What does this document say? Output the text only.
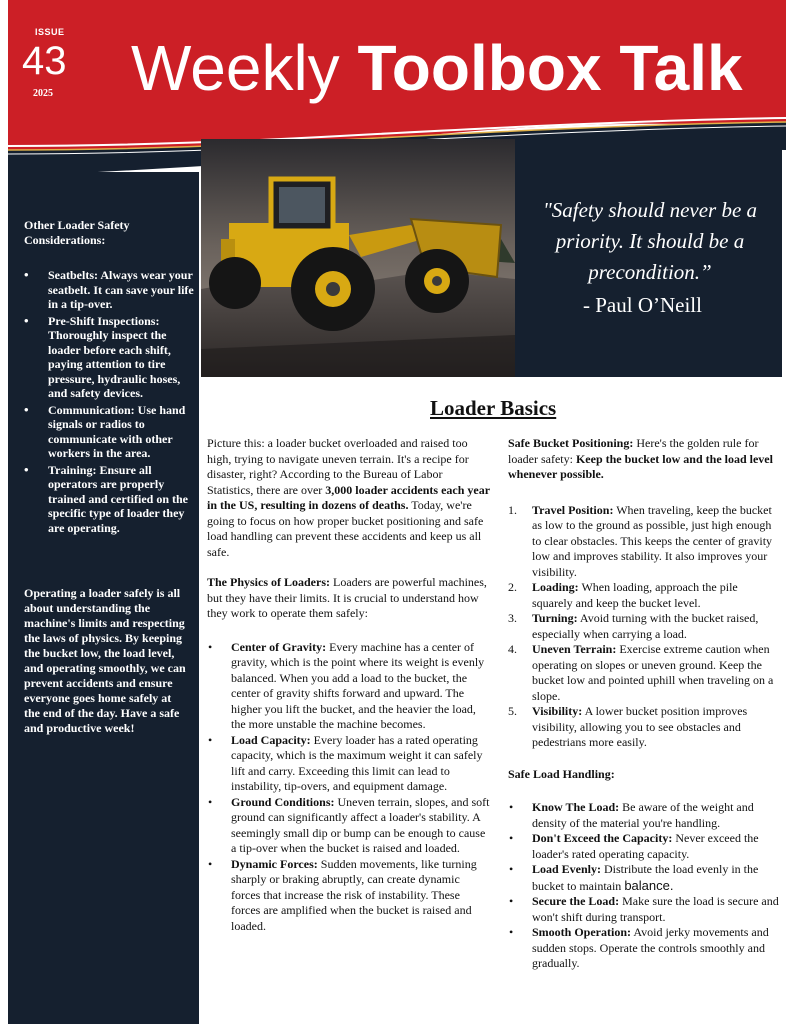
ISSUE
43
2025 Weekly Toolbox Talk
Other Loader Safety Considerations:
• Seatbelts: Always wear your seatbelt. It can save your life in a tip-over.
• Pre-Shift Inspections: Thoroughly inspect the loader before each shift, paying attention to tire pressure, hydraulic hoses, and safety devices.
• Communication: Use hand signals or radios to communicate with other workers in the area.
• Training: Ensure all operators are properly trained and certified on the specific type of loader they are operating.
Operating a loader safely is all about understanding the machine's limits and respecting the laws of physics. By keeping the bucket low, the load level, and operating smoothly, we can prevent accidents and ensure everyone goes home safely at the end of the day. Have a safe and productive week!
"Safety should never be a priority. It should be a precondition.”
- Paul O’Neill
Loader Basics

Picture this: a loader bucket overloaded and raised too high, trying to navigate uneven terrain. It's a recipe for disaster, right? According to the Bureau of Labor Statistics, there are over 3,000 loader accidents each year in the US, resulting in dozens of deaths. Today, we're going to focus on how proper bucket positioning and safe load handling can prevent these accidents and keep us all safe.

The Physics of Loaders: Loaders are powerful machines, but they have their limits. It is crucial to understand how they work to operate them safely:

• Center of Gravity: Every machine has a center of gravity, which is the point where its weight is evenly balanced. When you add a load to the bucket, the center of gravity shifts forward and upward. The higher you lift the bucket, and the heavier the load, the more unstable the machine becomes.
• Load Capacity: Every loader has a rated operating capacity, which is the maximum weight it can safely lift and carry. Exceeding this limit can lead to instability, tip-overs, and equipment damage.
• Ground Conditions: Uneven terrain, slopes, and soft ground can significantly affect a loader's stability. A seemingly small dip or bump can be enough to cause a tip-over when the bucket is raised and loaded.
• Dynamic Forces: Sudden movements, like turning sharply or braking abruptly, can create dynamic forces that increase the risk of instability. These forces are amplified when the bucket is raised and loaded.

Safe Bucket Positioning: Here's the golden rule for loader safety: Keep the bucket low and the load level whenever possible.

1. Travel Position: When traveling, keep the bucket as low to the ground as possible, just high enough to clear obstacles. This keeps the center of gravity low and improves stability. It also improves your visibility.
2. Loading: When loading, approach the pile squarely and keep the bucket level.
3. Turning: Avoid turning with the bucket raised, especially when carrying a load.
4. Uneven Terrain: Exercise extreme caution when operating on slopes or uneven ground. Keep the bucket low and pointed uphill when traveling on a slope.
5. Visibility: A lower bucket position improves visibility, allowing you to see obstacles and pedestrians more easily.

Safe Load Handling:

• Know The Load: Be aware of the weight and density of the material you're handling.
• Don't Exceed the Capacity: Never exceed the loader's rated operating capacity.
• Load Evenly: Distribute the load evenly in the bucket to maintain balance.
• Secure the Load: Make sure the load is secure and won't shift during transport.
• Smooth Operation: Avoid jerky movements and sudden stops. Operate the controls smoothly and gradually.
